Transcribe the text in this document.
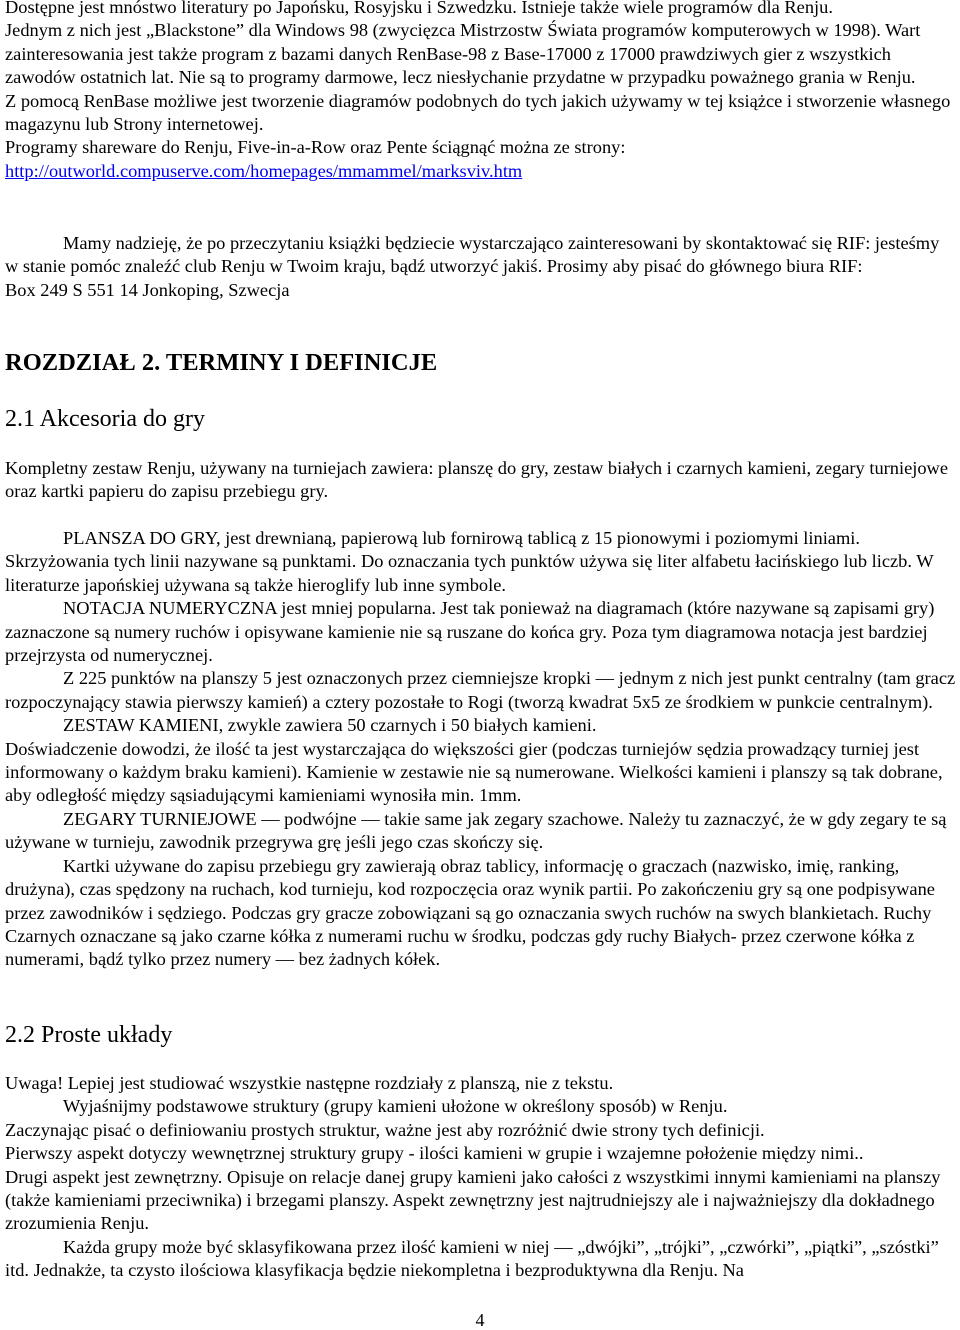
Dostępne jest mnóstwo literatury po Japońsku, Rosyjsku i Szwedzku. Istnieje także wiele programów dla Renju.

Jednym z nich jest „Blackstone” dla Windows 98 (zwycięzca Mistrzostw Świata programów komputerowych w 1998). Wart zainteresowania jest także program z bazami danych RenBase-98 z Base-17000 z 17000 prawdziwych gier z wszystkich zawodów ostatnich lat. Nie są to programy darmowe, lecz niesłychanie przydatne w przypadku poważnego grania w Renju.

Z pomocą RenBase możliwe jest tworzenie diagramów podobnych do tych jakich używamy w tej książce i stworzenie własnego magazynu lub Strony internetowej.

Programy shareware do Renju, Five-in-a-Row oraz Pente ściągnąć można ze strony:

http://outworld.compuserve.com/homepages/mmammel/marksviv.htm

Mamy nadzieję, że po przeczytaniu książki będziecie wystarczająco zainteresowani by skontaktować się RIF: jesteśmy w stanie pomóc znaleźć club Renju w Twoim kraju, bądź utworzyć jakiś. Prosimy aby pisać do głównego biura RIF:

Box 249 S 551 14 Jonkoping, Szwecja

ROZDZIAŁ 2. TERMINY I DEFINICJE
2.1 Akcesoria do gry

Kompletny zestaw Renju, używany na turniejach zawiera: planszę do gry, zestaw białych i czarnych kamieni, zegary turniejowe oraz kartki papieru do zapisu przebiegu gry.

PLANSZA DO GRY, jest drewnianą, papierową lub fornirową tablicą z 15 pionowymi i poziomymi liniami. Skrzyżowania tych linii nazywane są punktami. Do oznaczania tych punktów używa się liter alfabetu łacińskiego lub liczb. W literaturze japońskiej używana są także hieroglify lub inne symbole.

NOTACJA NUMERYCZNA jest mniej popularna. Jest tak ponieważ na diagramach (które nazywane są zapisami gry) zaznaczone są numery ruchów i opisywane kamienie nie są ruszane do końca gry. Poza tym diagramowa notacja jest bardziej przejrzysta od numerycznej.

Z 225 punktów na planszy 5 jest oznaczonych przez ciemniejsze kropki — jednym z nich jest punkt centralny (tam gracz rozpoczynający stawia pierwszy kamień) a cztery pozostałe to Rogi (tworzą kwadrat 5x5 ze środkiem w punkcie centralnym).

ZESTAW KAMIENI, zwykle zawiera 50 czarnych i 50 białych kamieni.

Doświadczenie dowodzi, że ilość ta jest wystarczająca do większości gier (podczas turniejów sędzia prowadzący turniej jest informowany o każdym braku kamieni). Kamienie w zestawie nie są numerowane. Wielkości kamieni i planszy są tak dobrane, aby odległość między sąsiadującymi kamieniami wynosiła min. 1mm.

ZEGARY TURNIEJOWE — podwójne — takie same jak zegary szachowe. Należy tu zaznaczyć, że w gdy zegary te są używane w turnieju, zawodnik przegrywa grę jeśli jego czas skończy się.

Kartki używane do zapisu przebiegu gry zawierają obraz tablicy, informację o graczach (nazwisko, imię, ranking, drużyna), czas spędzony na ruchach, kod turnieju, kod rozpoczęcia oraz wynik partii. Po zakończeniu gry są one podpisywane przez zawodników i sędziego. Podczas gry gracze zobowiązani są go oznaczania swych ruchów na swych blankietach. Ruchy Czarnych oznaczane są jako czarne kółka z numerami ruchu w środku, podczas gdy ruchy Białych- przez czerwone kółka z numerami, bądź tylko przez numery — bez żadnych kółek.

2.2 Proste układy

Uwaga! Lepiej jest studiować wszystkie następne rozdziały z planszą, nie z tekstu.

Wyjaśnijmy podstawowe struktury (grupy kamieni ułożone w określony sposób) w Renju.

Zaczynając pisać o definiowaniu prostych struktur, ważne jest aby rozróżnić dwie strony tych definicji.

Pierwszy aspekt dotyczy wewnętrznej struktury grupy - ilości kamieni w grupie i wzajemne położenie między nimi..

Drugi aspekt jest zewnętrzny. Opisuje on relacje danej grupy kamieni jako całości z wszystkimi innymi kamieniami na planszy (także kamieniami przeciwnika) i brzegami planszy. Aspekt zewnętrzny jest najtrudniejszy ale i najważniejszy dla dokładnego zrozumienia Renju.

Każda grupy może być sklasyfikowana przez ilość kamieni w niej — „dwójki”, „trójki”, „czwórki”, „piątki”, „szóstki” itd. Jednakże, ta czysto ilościowa klasyfikacja będzie niekompletna i bezproduktywna dla Renju. Na

4
